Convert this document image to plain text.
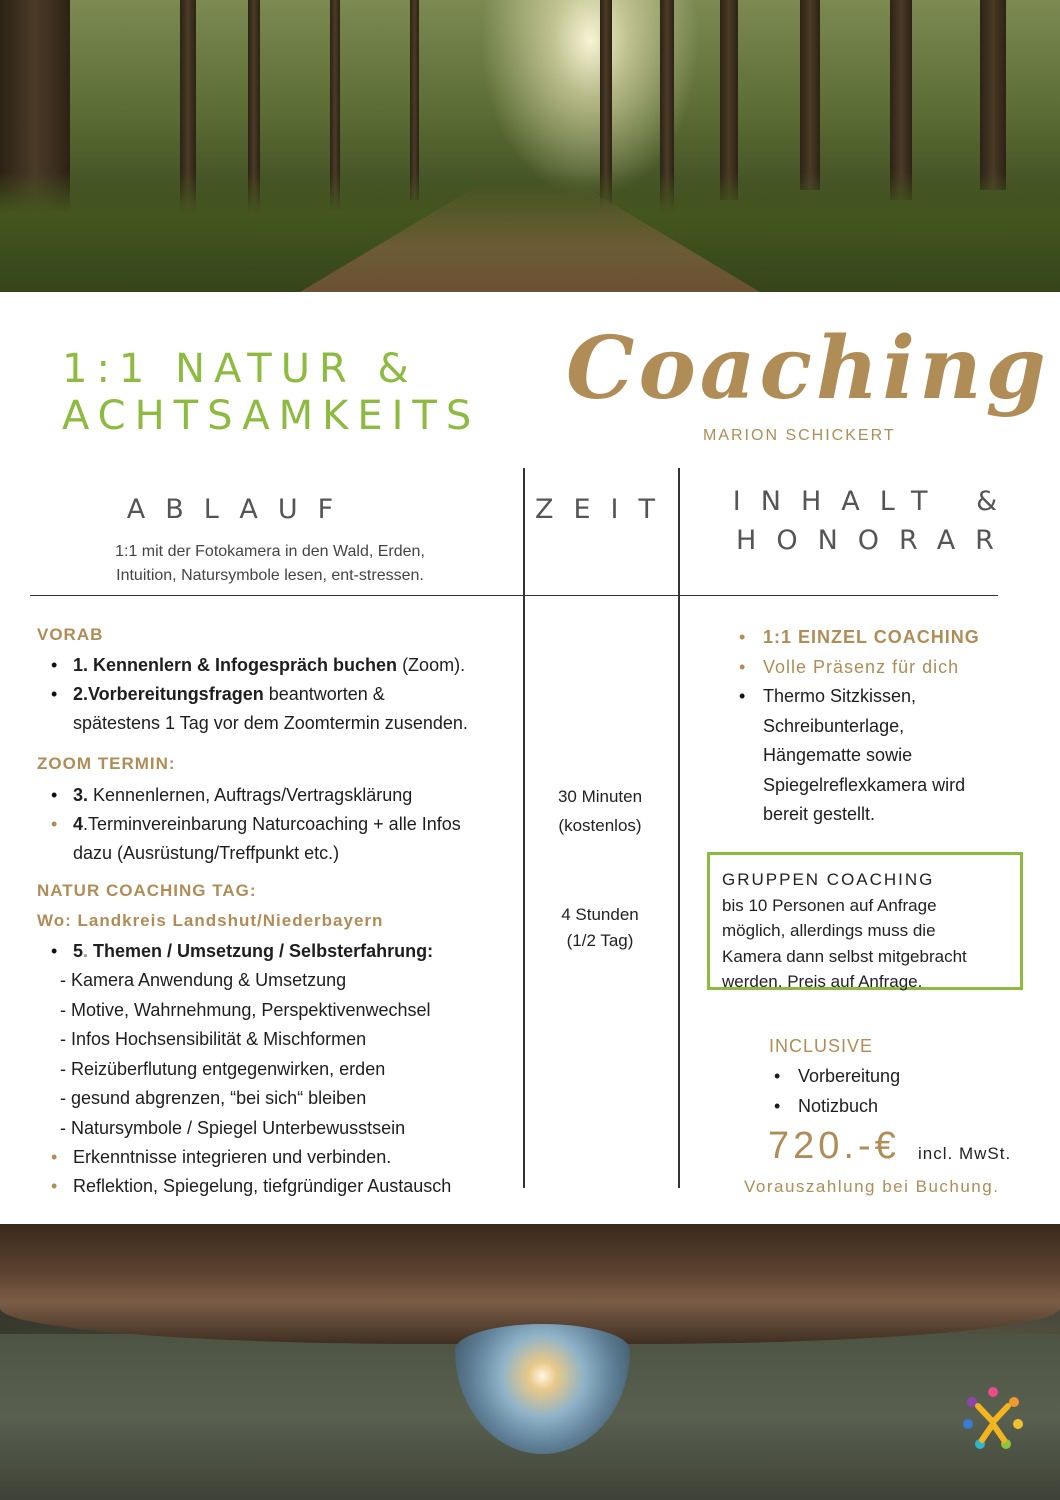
1:1 NATUR &
ACHTSAMKEITS Coaching
MARION SCHICKERT
ABLAUF	ZEIT INHALT &
HONORAR
1:1 mit der Fotokamera in den Wald, Erden,
Intuition, Natursymbole lesen, ent-stressen.
VORAB
• 1. Kennenlern & Infogespräch buchen (Zoom).
• 2.Vorbereitungsfragen beantworten &
spätestens 1 Tag vor dem Zoomtermin zusenden.
ZOOM TERMIN:
• 3. Kennenlernen, Auftrags/Vertragsklärung
• 4.Terminvereinbarung Naturcoaching + alle Infos
dazu (Ausrüstung/Treffpunkt etc.)
NATUR COACHING TAG:
Wo: Landkreis Landshut/Niederbayern
• 5. Themen / Umsetzung / Selbsterfahrung:
- Kamera Anwendung & Umsetzung
- Motive, Wahrnehmung, Perspektivenwechsel
- Infos Hochsensibilität & Mischformen
- Reizüberflutung entgegenwirken, erden
- gesund abgrenzen, “bei sich“ bleiben
- Natursymbole / Spiegel Unterbewusstsein
• Erkenntnisse integrieren und verbinden.
• Reflektion, Spiegelung, tiefgründiger Austausch
30 Minuten
(kostenlos)
4 Stunden
(1/2 Tag)
• 1:1 EINZEL COACHING
• Volle Präsenz für dich
• Thermo Sitzkissen,
Schreibunterlage,
Hängematte sowie
Spiegelreflexkamera wird
bereit gestellt.
GRUPPEN COACHING
bis 10 Personen auf Anfrage
möglich, allerdings muss die
Kamera dann selbst mitgebracht
werden. Preis auf Anfrage.
INCLUSIVE
• Vorbereitung
• Notizbuch
720.-€ incl. MwSt.
Vorauszahlung bei Buchung.
